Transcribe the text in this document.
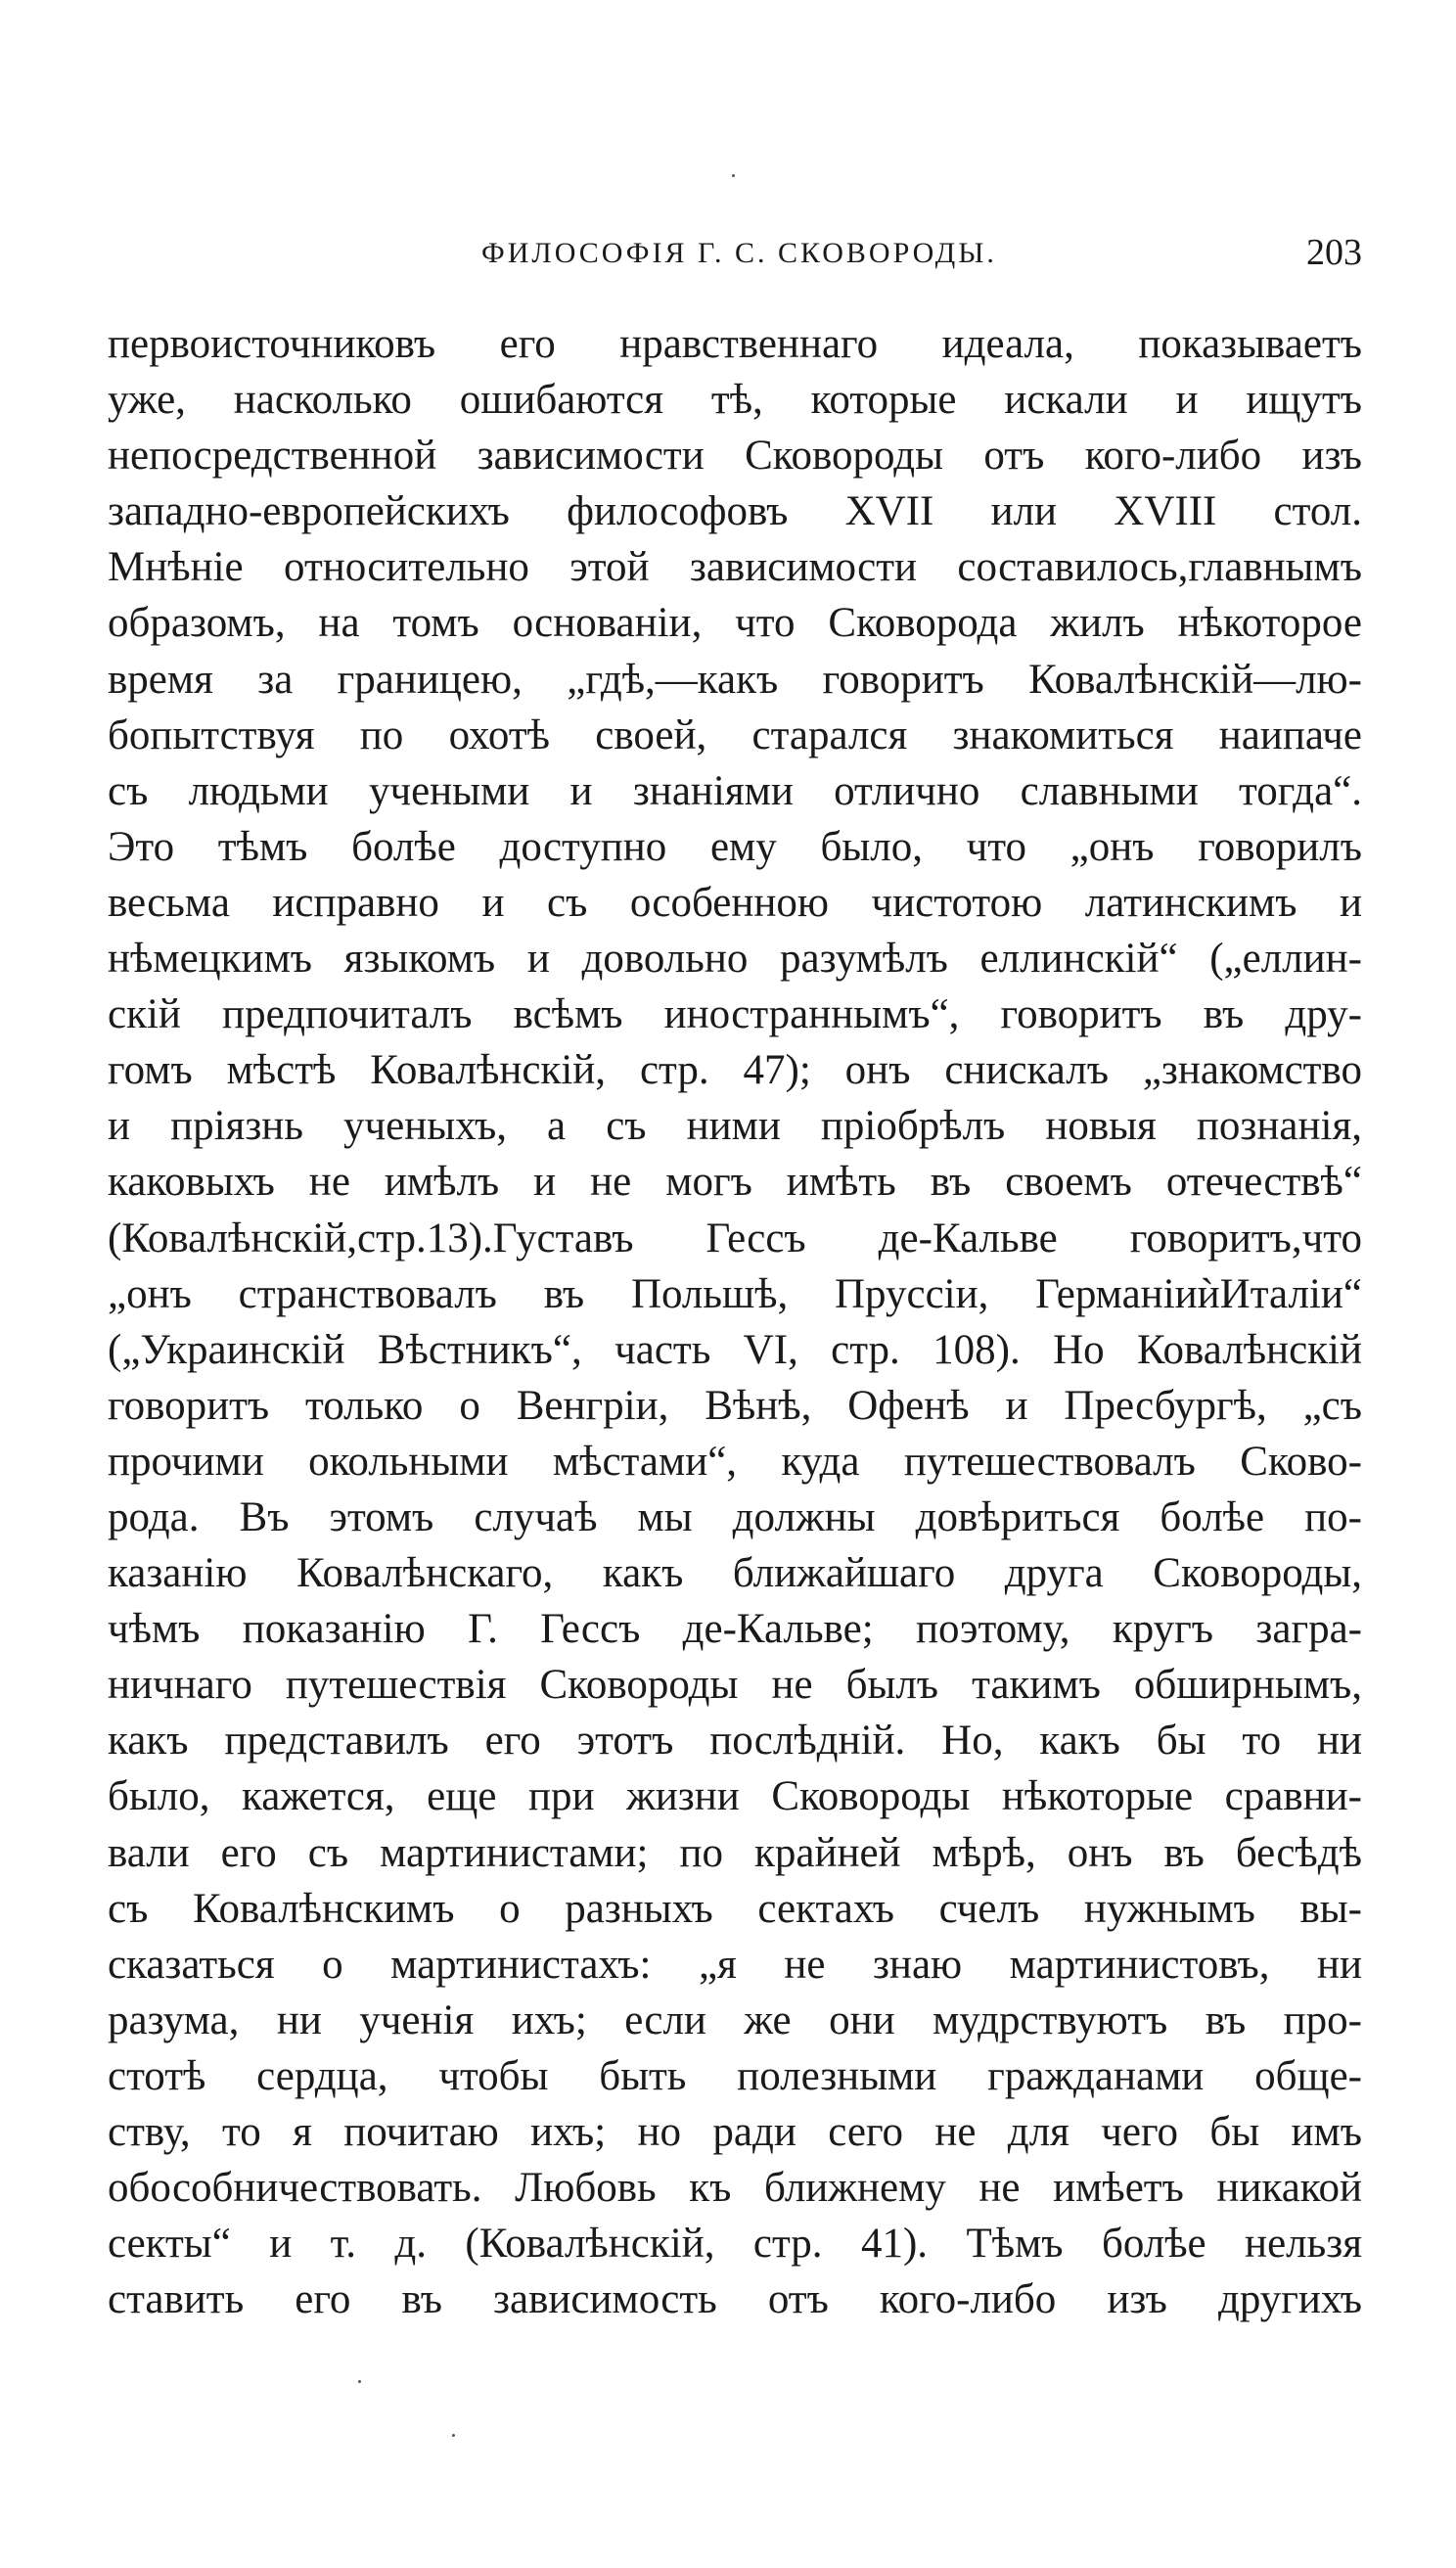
ФИЛОСОФІЯ Г. С. СКОВОРОДЫ.	203
первоисточниковъ его нравственнаго идеала, показываетъ
уже, насколько ошибаются тѣ, которые искали и ищутъ
непосредственной зависимости Сковороды отъ кого-либо изъ
западно-европейскихъ философовъ XVII или XVIII стол.
Мнѣніе относительно этой зависимости составилось,главнымъ
образомъ, на томъ основаніи, что Сковорода жилъ нѣкоторое
время за границею, „гдѣ,—какъ говоритъ Ковалѣнскій—лю-
бопытствуя по охотѣ своей, старался знакомиться наипаче
съ людьми учеными и знаніями отлично славными тогда“.
Это тѣмъ болѣе доступно ему было, что „онъ говорилъ
весьма исправно и съ особенною чистотою латинскимъ и
нѣмецкимъ языкомъ и довольно разумѣлъ еллинскій“ („еллин-
скій предпочиталъ всѣмъ иностраннымъ“, говоритъ въ дру-
гомъ мѣстѣ Ковалѣнскій, стр. 47); онъ снискалъ „знакомство
и пріязнь ученыхъ, а съ ними пріобрѣлъ новыя познанія,
каковыхъ не имѣлъ и не могъ имѣть въ своемъ отечествѣ“
(Ковалѣнскій,стр.13).Густавъ Гессъ де-Кальве говоритъ,что
„онъ странствовалъ въ Польшѣ, Пруссіи, ГерманіиѝИталіи“
(„Украинскій Вѣстникъ“, часть VI, стр. 108). Но Ковалѣнскій
говоритъ только о Венгріи, Вѣнѣ, Офенѣ и Пресбургѣ, „съ
прочими окольными мѣстами“, куда путешествовалъ Сково-
рода. Въ этомъ случаѣ мы должны довѣриться болѣе по-
казанію Ковалѣнскаго, какъ ближайшаго друга Сковороды,
чѣмъ показанію Г. Гессъ де-Кальве; поэтому, кругъ загра-
ничнаго путешествія Сковороды не былъ такимъ обширнымъ,
какъ представилъ его этотъ послѣдній. Но, какъ бы то ни
было, кажется, еще при жизни Сковороды нѣкоторые сравни-
вали его съ мартинистами; по крайней мѣрѣ, онъ въ бесѣдѣ
съ Ковалѣнскимъ о разныхъ сектахъ счелъ нужнымъ вы-
сказаться о мартинистахъ: „я не знаю мартинистовъ, ни
разума, ни ученія ихъ; если же они мудрствуютъ въ про-
стотѣ сердца, чтобы быть полезными гражданами обще-
ству, то я почитаю ихъ; но ради сего не для чего бы имъ
обособничествовать. Любовь къ ближнему не имѣетъ никакой
секты“ и т. д. (Ковалѣнскій, стр. 41). Тѣмъ болѣе нельзя
ставить его въ зависимость отъ кого-либо изъ другихъ
